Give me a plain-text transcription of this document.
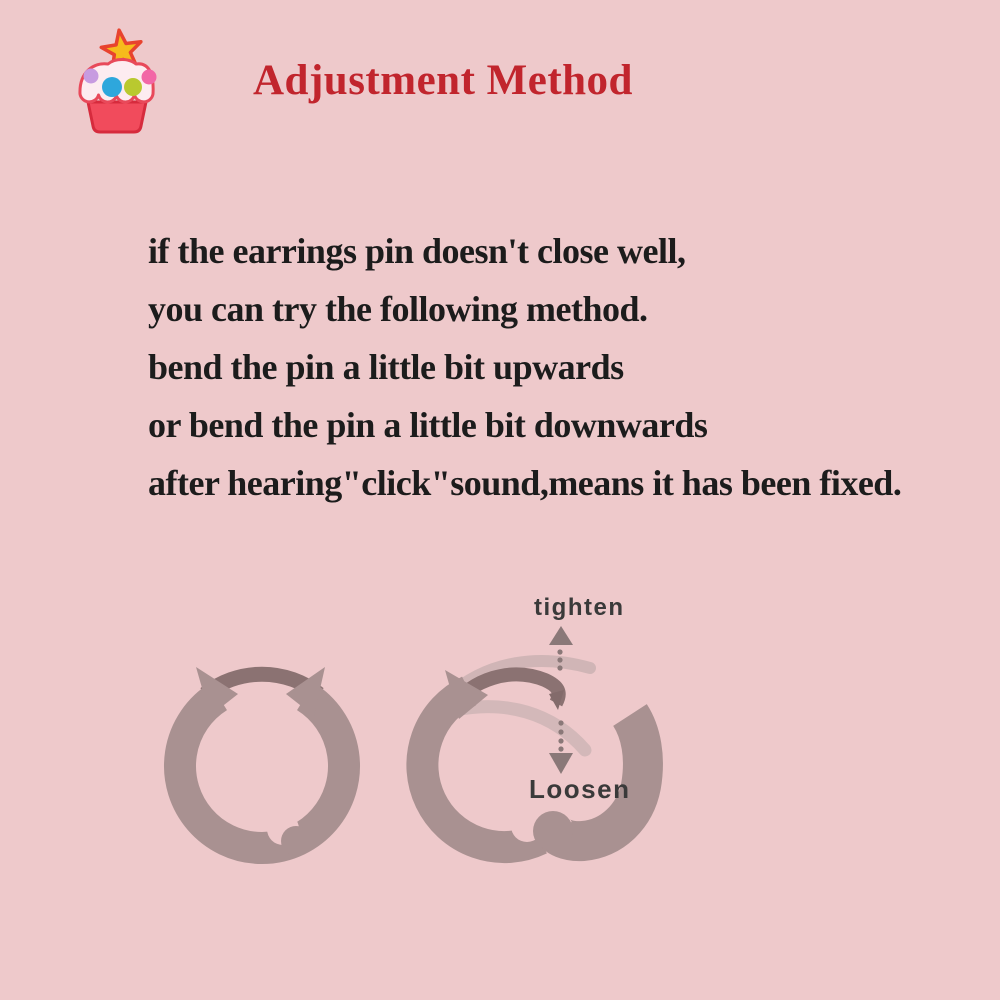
Adjustment Method
if the earrings pin doesn't close well,
you can try the following method.
bend the pin a little bit upwards
or bend the pin a little bit downwards
after hearing"click"sound,means it has been fixed.
tighten
Loosen
